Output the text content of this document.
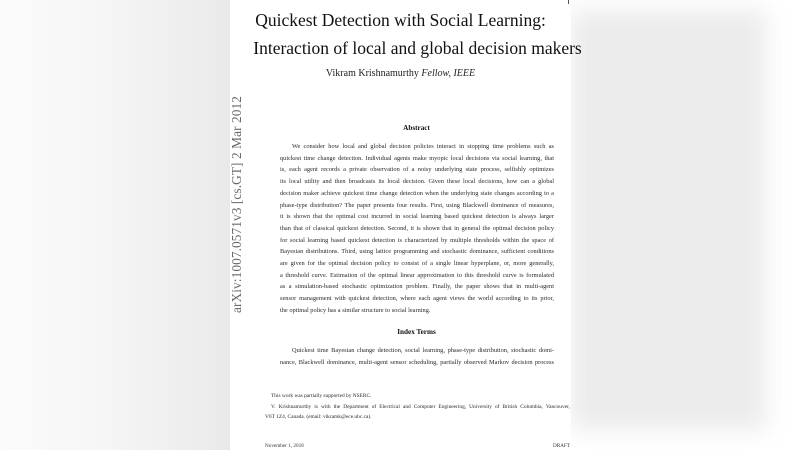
Quickest Detection with Social Learning:
Interaction of local and global decision makers
Vikram Krishnamurthy Fellow, IEEE
Abstract
We consider how local and global decision policies interact in stopping time problems such as
quickest time change detection. Individual agents make myopic local decisions via social learning, that
is, each agent records a private observation of a noisy underlying state process, selfishly optimizes
its local utility and then broadcasts its local decision. Given these local decisions, how can a global
decision maker achieve quickest time change detection when the underlying state changes according to a
phase-type distribution? The paper presents four results. First, using Blackwell dominance of measures,
it is shown that the optimal cost incurred in social learning based quickest detection is always larger
than that of classical quickest detection. Second, it is shown that in general the optimal decision policy
for social learning based quickest detection is characterized by multiple thresholds within the space of
Bayesian distributions. Third, using lattice programming and stochastic dominance, sufficient conditions
are given for the optimal decision policy to consist of a single linear hyperplane, or, more generally,
a threshold curve. Estimation of the optimal linear approximation to this threshold curve is formulated
as a simulation-based stochastic optimization problem. Finally, the paper shows that in multi-agent
sensor management with quickest detection, where each agent views the world according to its prior,
the optimal policy has a similar structure to social learning.
Index Terms
Quickest time Bayesian change detection, social learning, phase-type distribution, stochastic domi-
nance, Blackwell dominance, multi-agent sensor scheduling, partially observed Markov decision process
This work was partially supported by NSERC.
V. Krishnamurthy is with the Department of Electrical and Computer Engineering, University of British Columbia, Vancouver,
V6T 1Z4, Canada. (email: vikramk@ece.ubc.ca).
November 1, 2018	DRAFT
arXiv:1007.0571v3 [cs.GT] 2 Mar 2012
